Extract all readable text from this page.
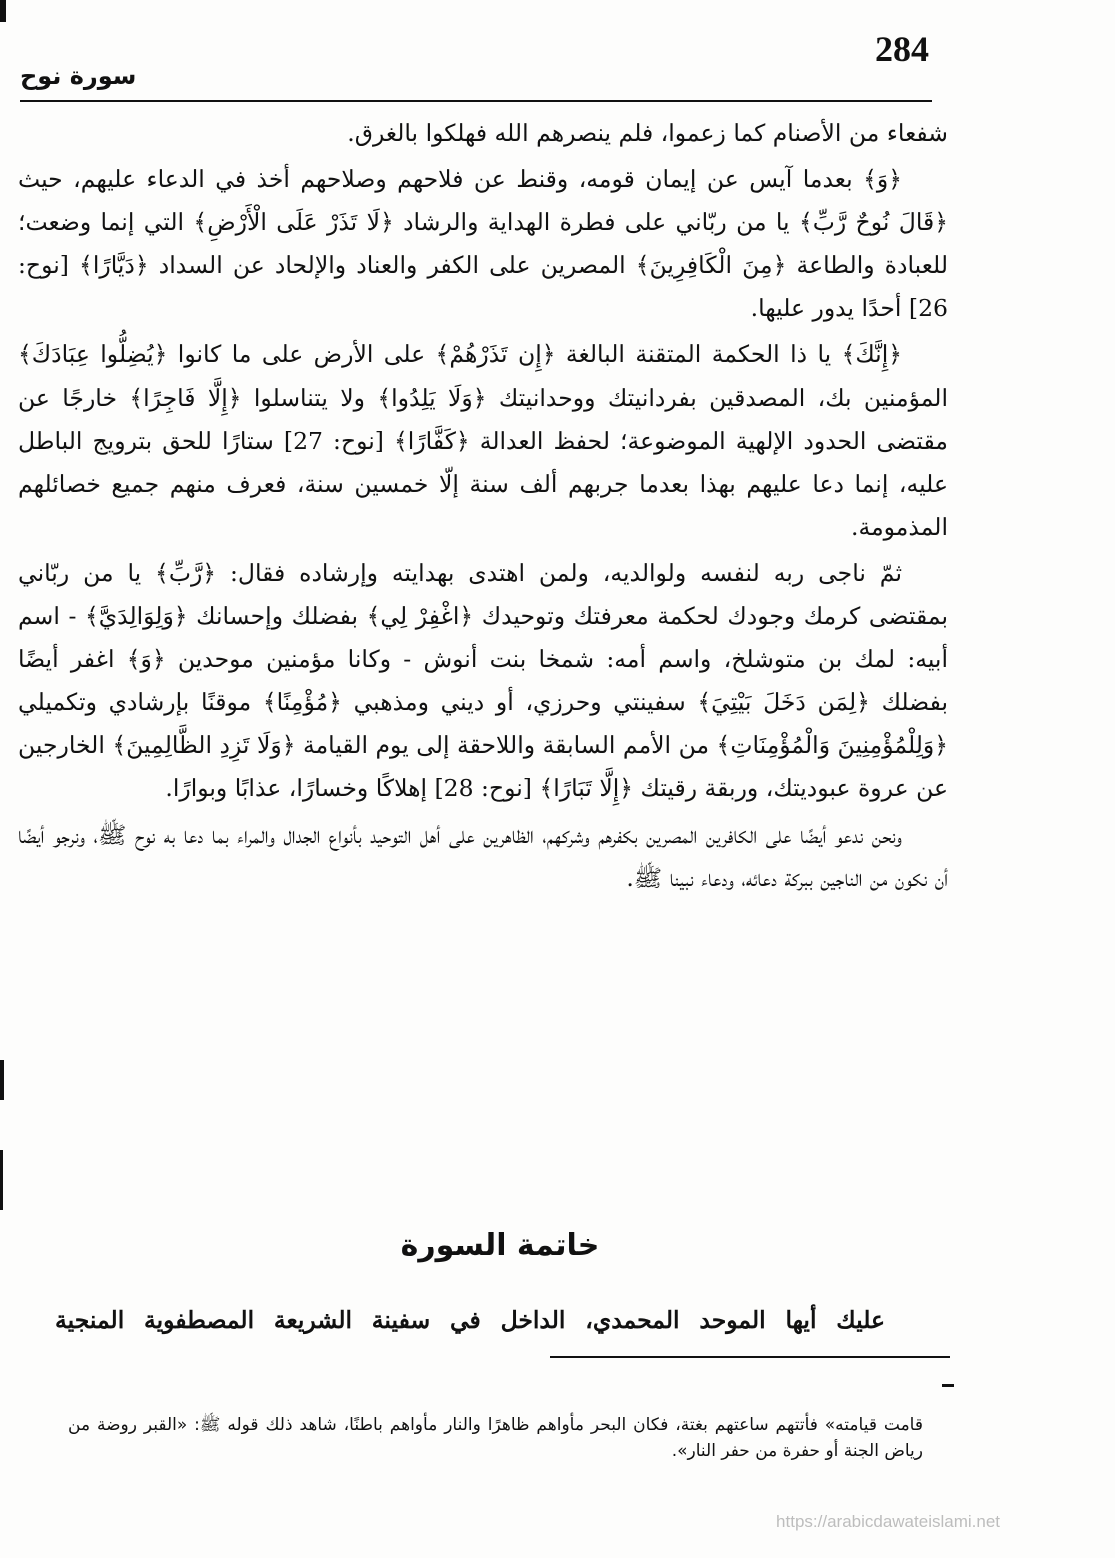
284
سورة نوح

شفعاء من الأصنام كما زعموا، فلم ينصرهم الله فهلكوا بالغرق.

﴿وَ﴾ بعدما آيس عن إيمان قومه، وقنط عن فلاحهم وصلاحهم أخذ في الدعاء عليهم، حيث ﴿قَالَ نُوحٌ رَّبِّ﴾ يا من ربّاني على فطرة الهداية والرشاد ﴿لَا تَذَرْ عَلَى الْأَرْضِ﴾ التي إنما وضعت؛ للعبادة والطاعة ﴿مِنَ الْكَافِرِينَ﴾ المصرين على الكفر والعناد والإلحاد عن السداد ﴿دَيَّارًا﴾ [نوح: 26] أحدًا يدور عليها.

﴿إِنَّكَ﴾ يا ذا الحكمة المتقنة البالغة ﴿إِن تَذَرْهُمْ﴾ على الأرض على ما كانوا ﴿يُضِلُّوا عِبَادَكَ﴾ المؤمنين بك، المصدقين بفردانيتك ووحدانيتك ﴿وَلَا يَلِدُوا﴾ ولا يتناسلوا ﴿إِلَّا فَاجِرًا﴾ خارجًا عن مقتضى الحدود الإلهية الموضوعة؛ لحفظ العدالة ﴿كَفَّارًا﴾ [نوح: 27] ستارًا للحق بترويج الباطل عليه، إنما دعا عليهم بهذا بعدما جربهم ألف سنة إلّا خمسين سنة، فعرف منهم جميع خصائلهم المذمومة.

ثمّ ناجى ربه لنفسه ولوالديه، ولمن اهتدى بهدايته وإرشاده فقال: ﴿رَّبِّ﴾ يا من ربّاني بمقتضى كرمك وجودك لحكمة معرفتك وتوحيدك ﴿اغْفِرْ لِي﴾ بفضلك وإحسانك ﴿وَلِوَالِدَيَّ﴾ - اسم أبيه: لمك بن متوشلخ، واسم أمه: شمخا بنت أنوش - وكانا مؤمنين موحدين ﴿وَ﴾ اغفر أيضًا بفضلك ﴿لِمَن دَخَلَ بَيْتِيَ﴾ سفينتي وحرزي، أو ديني ومذهبي ﴿مُؤْمِنًا﴾ موقنًا بإرشادي وتكميلي ﴿وَلِلْمُؤْمِنِينَ وَالْمُؤْمِنَاتِ﴾ من الأمم السابقة واللاحقة إلى يوم القيامة ﴿وَلَا تَزِدِ الظَّالِمِينَ﴾ الخارجين عن عروة عبوديتك، وربقة رقيتك ﴿إِلَّا تَبَارًا﴾ [نوح: 28] إهلاكًا وخسارًا، عذابًا وبوارًا.

ونحن ندعو أيضًا على الكافرين المصرين بكفرهم وشركهم، الظاهرين على أهل التوحيد بأنواع الجدال والمراء بما دعا به نوح ﷺ، ونرجو أيضًا أن نكون من الناجين ببركة دعائه، ودعاء نبينا ﷺ.

خاتمة السورة
عليك أيها الموحد المحمدي، الداخل في سفينة الشريعة المصطفوية المنجية
قامت قيامته» فأتتهم ساعتهم بغتة، فكان البحر مأواهم ظاهرًا والنار مأواهم باطنًا، شاهد ذلك قوله ﷺ: «القبر روضة من رياض الجنة أو حفرة من حفر النار».
https://arabicdawateislami.net
